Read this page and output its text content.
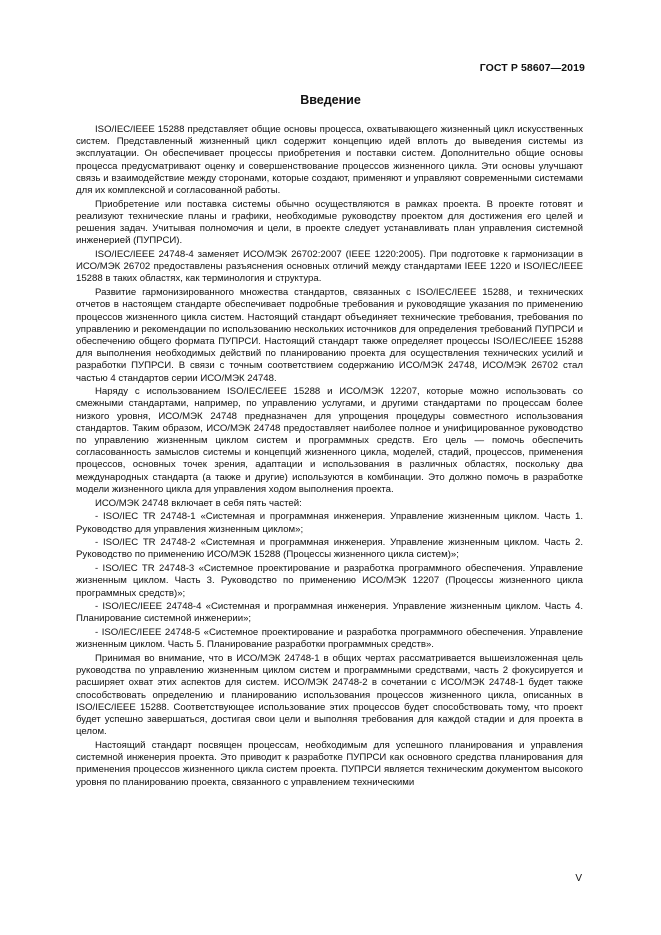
ГОСТ Р 58607—2019
Введение

ISO/IEC/IEEE 15288 представляет общие основы процесса, охватывающего жизненный цикл искусственных систем. Представленный жизненный цикл содержит концепцию идей вплоть до выведения системы из эксплуатации. Он обеспечивает процессы приобретения и поставки систем. Дополнительно общие основы процесса предусматривают оценку и совершенствование процессов жизненного цикла. Эти основы улучшают связь и взаимодействие между сторонами, которые создают, применяют и управляют современными системами для их комплексной и согласованной работы.

Приобретение или поставка системы обычно осуществляются в рамках проекта. В проекте готовят и реализуют технические планы и графики, необходимые руководству проектом для достижения его целей и решения задач. Учитывая полномочия и цели, в проекте следует устанавливать план управления системной инженерией (ПУПРСИ).

ISO/IEC/IEEE 24748-4 заменяет ИСО/МЭК 26702:2007 (IEEE 1220:2005). При подготовке к гармонизации в ИСО/МЭК 26702 предоставлены разъяснения основных отличий между стандартами IEEE 1220 и ISO/IEC/IEEE 15288 в таких областях, как терминология и структура.

Развитие гармонизированного множества стандартов, связанных с ISO/IEC/IEEE 15288, и технических отчетов в настоящем стандарте обеспечивает подробные требования и руководящие указания по применению процессов жизненного цикла систем. Настоящий стандарт объединяет технические требования, требования по управлению и рекомендации по использованию нескольких источников для определения требований ПУПРСИ и обеспечению общего формата ПУПРСИ. Настоящий стандарт также определяет процессы ISO/IEC/IEEE 15288 для выполнения необходимых действий по планированию проекта для осуществления технических усилий и разработки ПУПРСИ. В связи с точным соответствием содержанию ИСО/МЭК 24748, ИСО/МЭК 26702 стал частью 4 стандартов серии ИСО/МЭК 24748.

Наряду с использованием ISO/IEC/IEEE 15288 и ИСО/МЭК 12207, которые можно использовать со смежными стандартами, например, по управлению услугами, и другими стандартами по процессам более низкого уровня, ИСО/МЭК 24748 предназначен для упрощения процедуры совместного использования стандартов. Таким образом, ИСО/МЭК 24748 предоставляет наиболее полное и унифицированное руководство по управлению жизненным циклом систем и программных средств. Его цель — помочь обеспечить согласованность замыслов системы и концепций жизненного цикла, моделей, стадий, процессов, применения процессов, основных точек зрения, адаптации и использования в различных областях, поскольку два международных стандарта (а также и другие) используются в комбинации. Это должно помочь в разработке модели жизненного цикла для управления ходом выполнения проекта.

ИСО/МЭК 24748 включает в себя пять частей:

- ISO/IEC TR 24748-1 «Системная и программная инженерия. Управление жизненным циклом. Часть 1. Руководство для управления жизненным циклом»;

- ISO/IEC TR 24748-2 «Системная и программная инженерия. Управление жизненным циклом. Часть 2. Руководство по применению ИСО/МЭК 15288 (Процессы жизненного цикла систем)»;

- ISO/IEC TR 24748-3 «Системное проектирование и разработка программного обеспечения. Управление жизненным циклом. Часть 3. Руководство по применению ИСО/МЭК 12207 (Процессы жизненного цикла программных средств)»;

- ISO/IEC/IEEE 24748-4 «Системная и программная инженерия. Управление жизненным циклом. Часть 4. Планирование системной инженерии»;

- ISO/IEC/IEEE 24748-5 «Системное проектирование и разработка программного обеспечения. Управление жизненным циклом. Часть 5. Планирование разработки программных средств».

Принимая во внимание, что в ИСО/МЭК 24748-1 в общих чертах рассматривается вышеизложенная цель руководства по управлению жизненным циклом систем и программными средствами, часть 2 фокусируется и расширяет охват этих аспектов для систем. ИСО/МЭК 24748-2 в сочетании с ИСО/МЭК 24748-1 будет также способствовать определению и планированию использования процессов жизненного цикла, описанных в ISO/IEC/IEEE 15288. Соответствующее использование этих процессов будет способствовать тому, что проект будет успешно завершаться, достигая свои цели и выполняя требования для каждой стадии и для проекта в целом.

Настоящий стандарт посвящен процессам, необходимым для успешного планирования и управления системной инженерия проекта. Это приводит к разработке ПУПРСИ как основного средства планирования для применения процессов жизненного цикла систем проекта. ПУПРСИ является техническим документом высокого уровня по планированию проекта, связанного с управлением техническими

V
